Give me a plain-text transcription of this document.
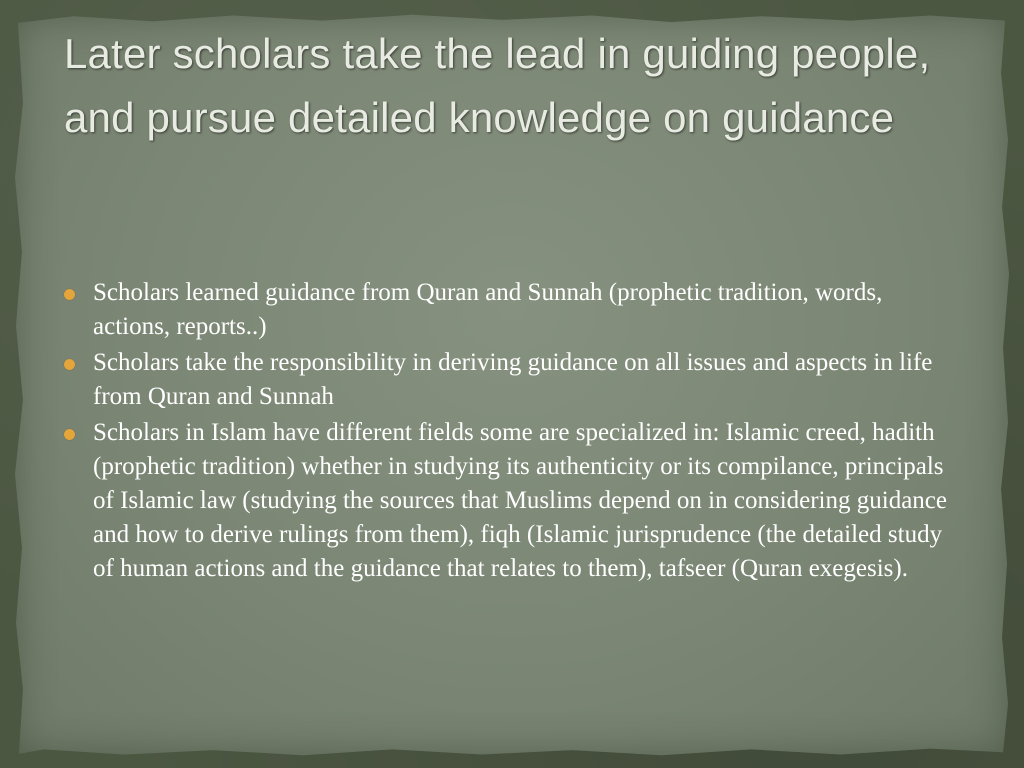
Later scholars take the lead in guiding people, and pursue detailed knowledge on guidance
Scholars learned guidance from Quran and Sunnah (prophetic tradition, words, actions, reports..)
Scholars take the responsibility in deriving guidance on all issues and aspects in life from Quran and Sunnah
Scholars in Islam have different fields some are specialized in: Islamic creed, hadith (prophetic tradition) whether in studying its authenticity or its compilance, principals of Islamic law (studying the sources that Muslims depend on in considering guidance and how to derive rulings from them), fiqh (Islamic jurisprudence (the detailed study of human actions and the guidance that relates to them), tafseer (Quran exegesis).
